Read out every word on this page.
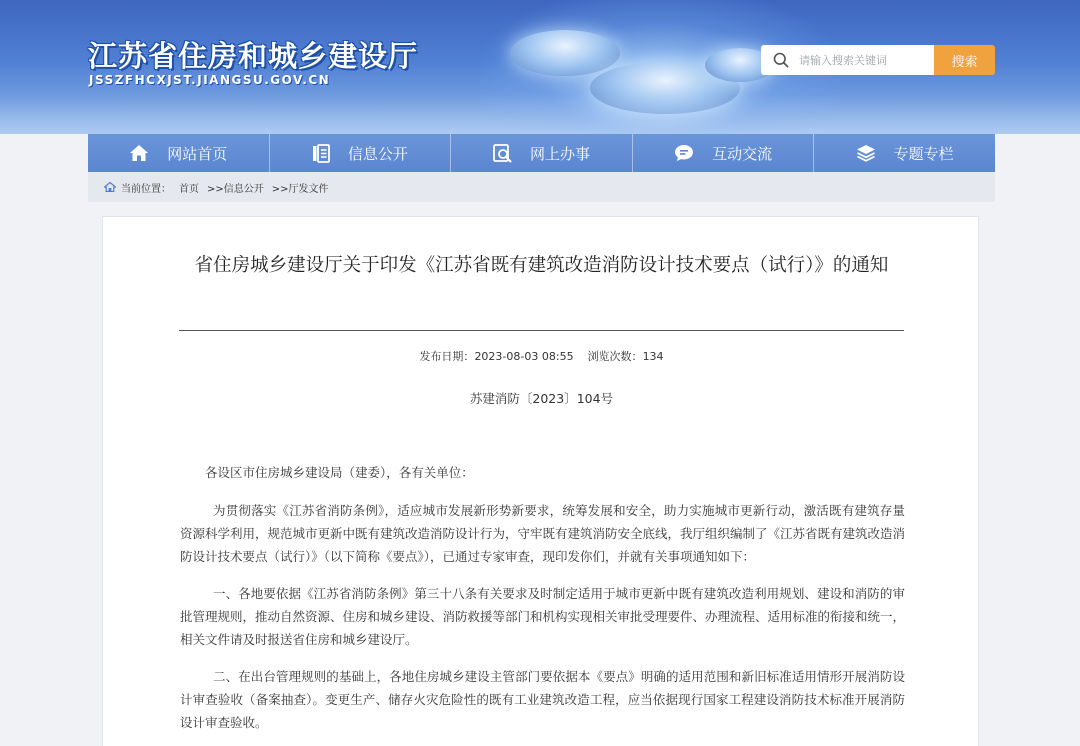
江苏省住房和城乡建设厅
JSSZFHCXJST.JIANGSU.GOV.CN
请输入搜索关键词
搜索
网站首页	信息公开	网上办事	互动交流	专题专栏
当前位置： 首页 >>信息公开 >>厅发文件
省住房城乡建设厅关于印发《江苏省既有建筑改造消防设计技术要点（试行）》的通知
发布日期：2023-08-03 08:55 浏览次数：134
苏建消防〔2023〕104号
各设区市住房城乡建设局（建委），各有关单位：
为贯彻落实《江苏省消防条例》，适应城市发展新形势新要求，统筹发展和安全，助力实施城市更新行动，激活既有建筑存量资源科学利用，规范城市更新中既有建筑改造消防设计行为，守牢既有建筑消防安全底线，我厅组织编制了《江苏省既有建筑改造消防设计技术要点（试行）》（以下简称《要点》），已通过专家审查，现印发你们，并就有关事项通知如下：
一、各地要依据《江苏省消防条例》第三十八条有关要求及时制定适用于城市更新中既有建筑改造利用规划、建设和消防的审批管理规则，推动自然资源、住房和城乡建设、消防救援等部门和机构实现相关审批受理要件、办理流程、适用标准的衔接和统一，相关文件请及时报送省住房和城乡建设厅。
二、在出台管理规则的基础上，各地住房城乡建设主管部门要依据本《要点》明确的适用范围和新旧标准适用情形开展消防设计审查验收（备案抽查）。变更生产、储存火灾危险性的既有工业建筑改造工程，应当依据现行国家工程建设消防技术标准开展消防设计审查验收。
